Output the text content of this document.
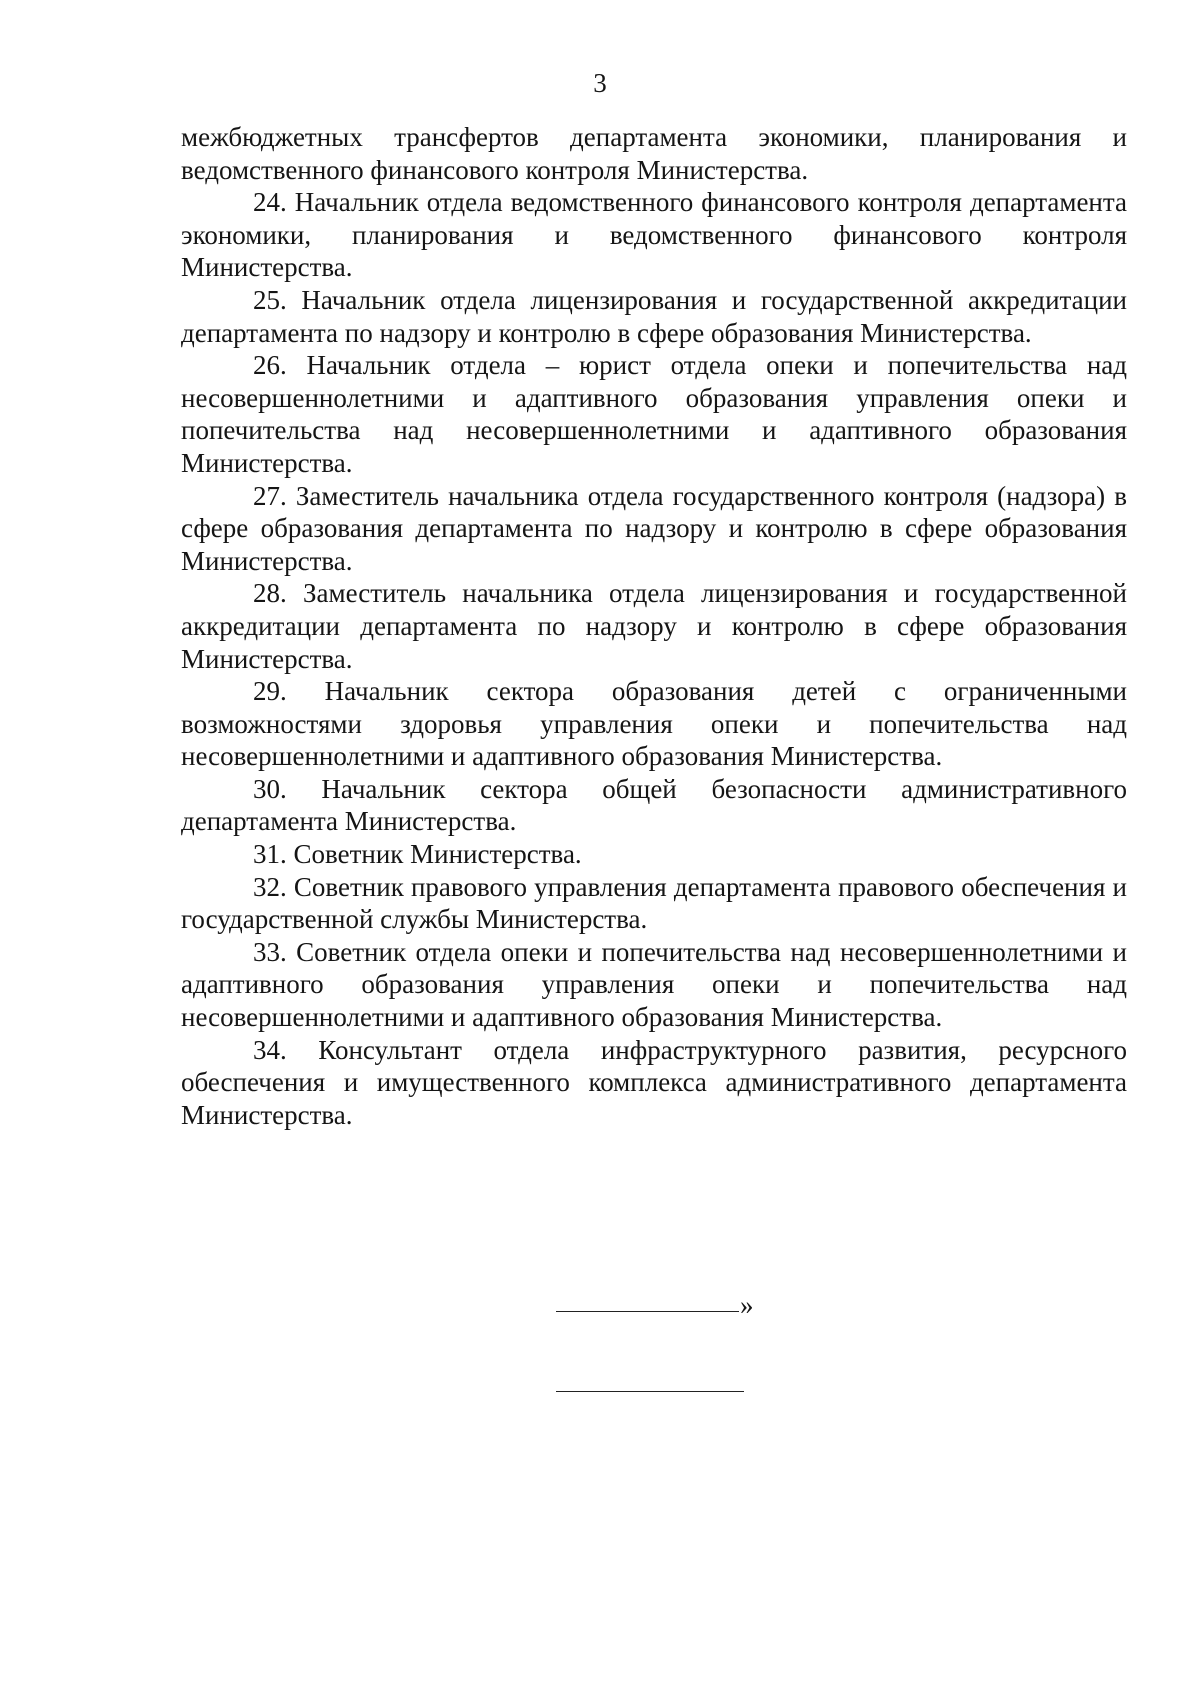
3

межбюджетных трансфертов департамента экономики, планирования и ведомственного финансового контроля Министерства.

24. Начальник отдела ведомственного финансового контроля департамента экономики, планирования и ведомственного финансового контроля Министерства.

25. Начальник отдела лицензирования и государственной аккредитации департамента по надзору и контролю в сфере образования Министерства.

26. Начальник отдела – юрист отдела опеки и попечительства над несовершеннолетними и адаптивного образования управления опеки и попечительства над несовершеннолетними и адаптивного образования Министерства.

27. Заместитель начальника отдела государственного контроля (надзора) в сфере образования департамента по надзору и контролю в сфере образования Министерства.

28. Заместитель начальника отдела лицензирования и государственной аккредитации департамента по надзору и контролю в сфере образования Министерства.

29. Начальник сектора образования детей с ограниченными возможностями здоровья управления опеки и попечительства над несовершеннолетними и адаптивного образования Министерства.

30. Начальник сектора общей безопасности административного департамента Министерства.

31. Советник Министерства.

32. Советник правового управления департамента правового обеспечения и государственной службы Министерства.

33. Советник отдела опеки и попечительства над несовершеннолетними и адаптивного образования управления опеки и попечительства над несовершеннолетними и адаптивного образования Министерства.

34. Консультант отдела инфраструктурного развития, ресурсного обеспечения и имущественного комплекса административного департамента Министерства.

»
